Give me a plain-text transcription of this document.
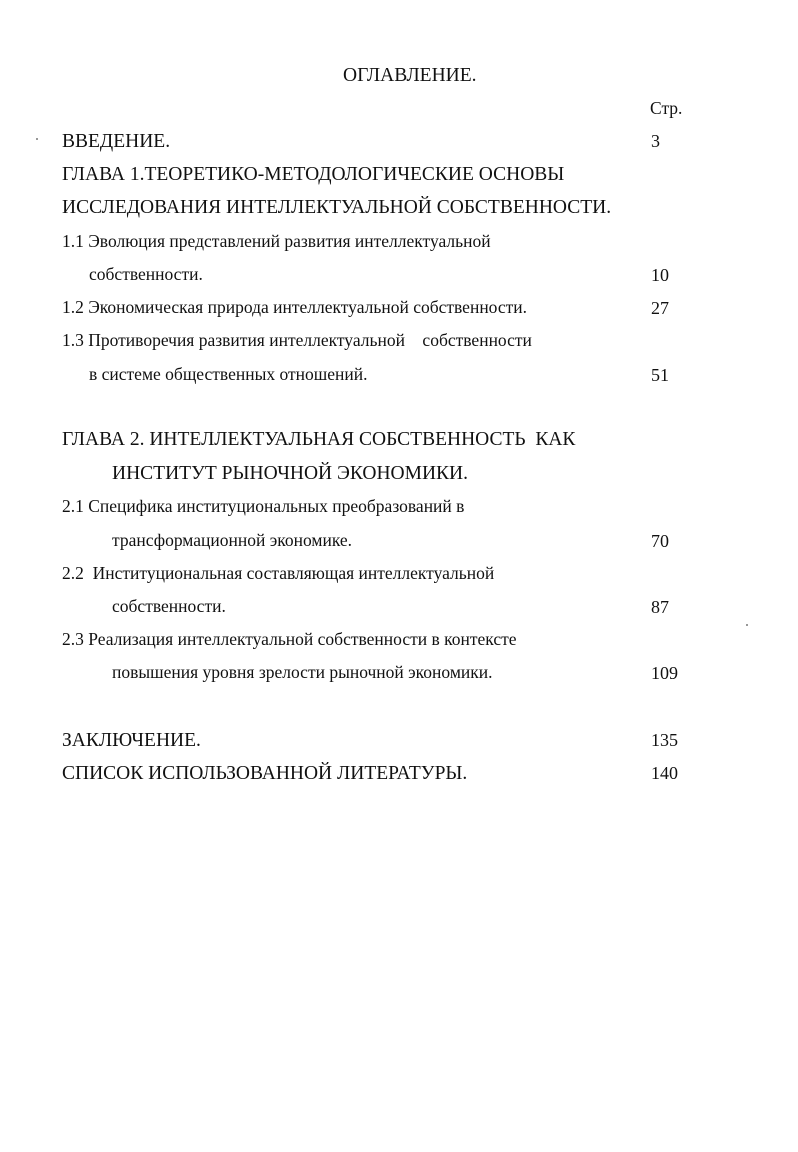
ОГЛАВЛЕНИЕ.
Стр.
ВВЕДЕНИЕ.	3
ГЛАВА 1.ТЕОРЕТИКО-МЕТОДОЛОГИЧЕСКИЕ ОСНОВЫ
ИССЛЕДОВАНИЯ ИНТЕЛЛЕКТУАЛЬНОЙ СОБСТВЕННОСТИ.
1.1 Эволюция представлений развития интеллектуальной
собственности.	10
1.2 Экономическая природа интеллектуальной собственности.	27
1.3 Противоречия развития интеллектуальной    собственности
в системе общественных отношений.	51
ГЛАВА 2. ИНТЕЛЛЕКТУАЛЬНАЯ СОБСТВЕННОСТЬ  КАК
ИНСТИТУТ РЫНОЧНОЙ ЭКОНОМИКИ.
2.1 Специфика институциональных преобразований в
трансформационной экономике.	70
2.2  Институциональная составляющая интеллектуальной
собственности.	87
2.3 Реализация интеллектуальной собственности в контексте
повышения уровня зрелости рыночной экономики.	109
ЗАКЛЮЧЕНИЕ.	135
СПИСОК ИСПОЛЬЗОВАННОЙ ЛИТЕРАТУРЫ.	140
